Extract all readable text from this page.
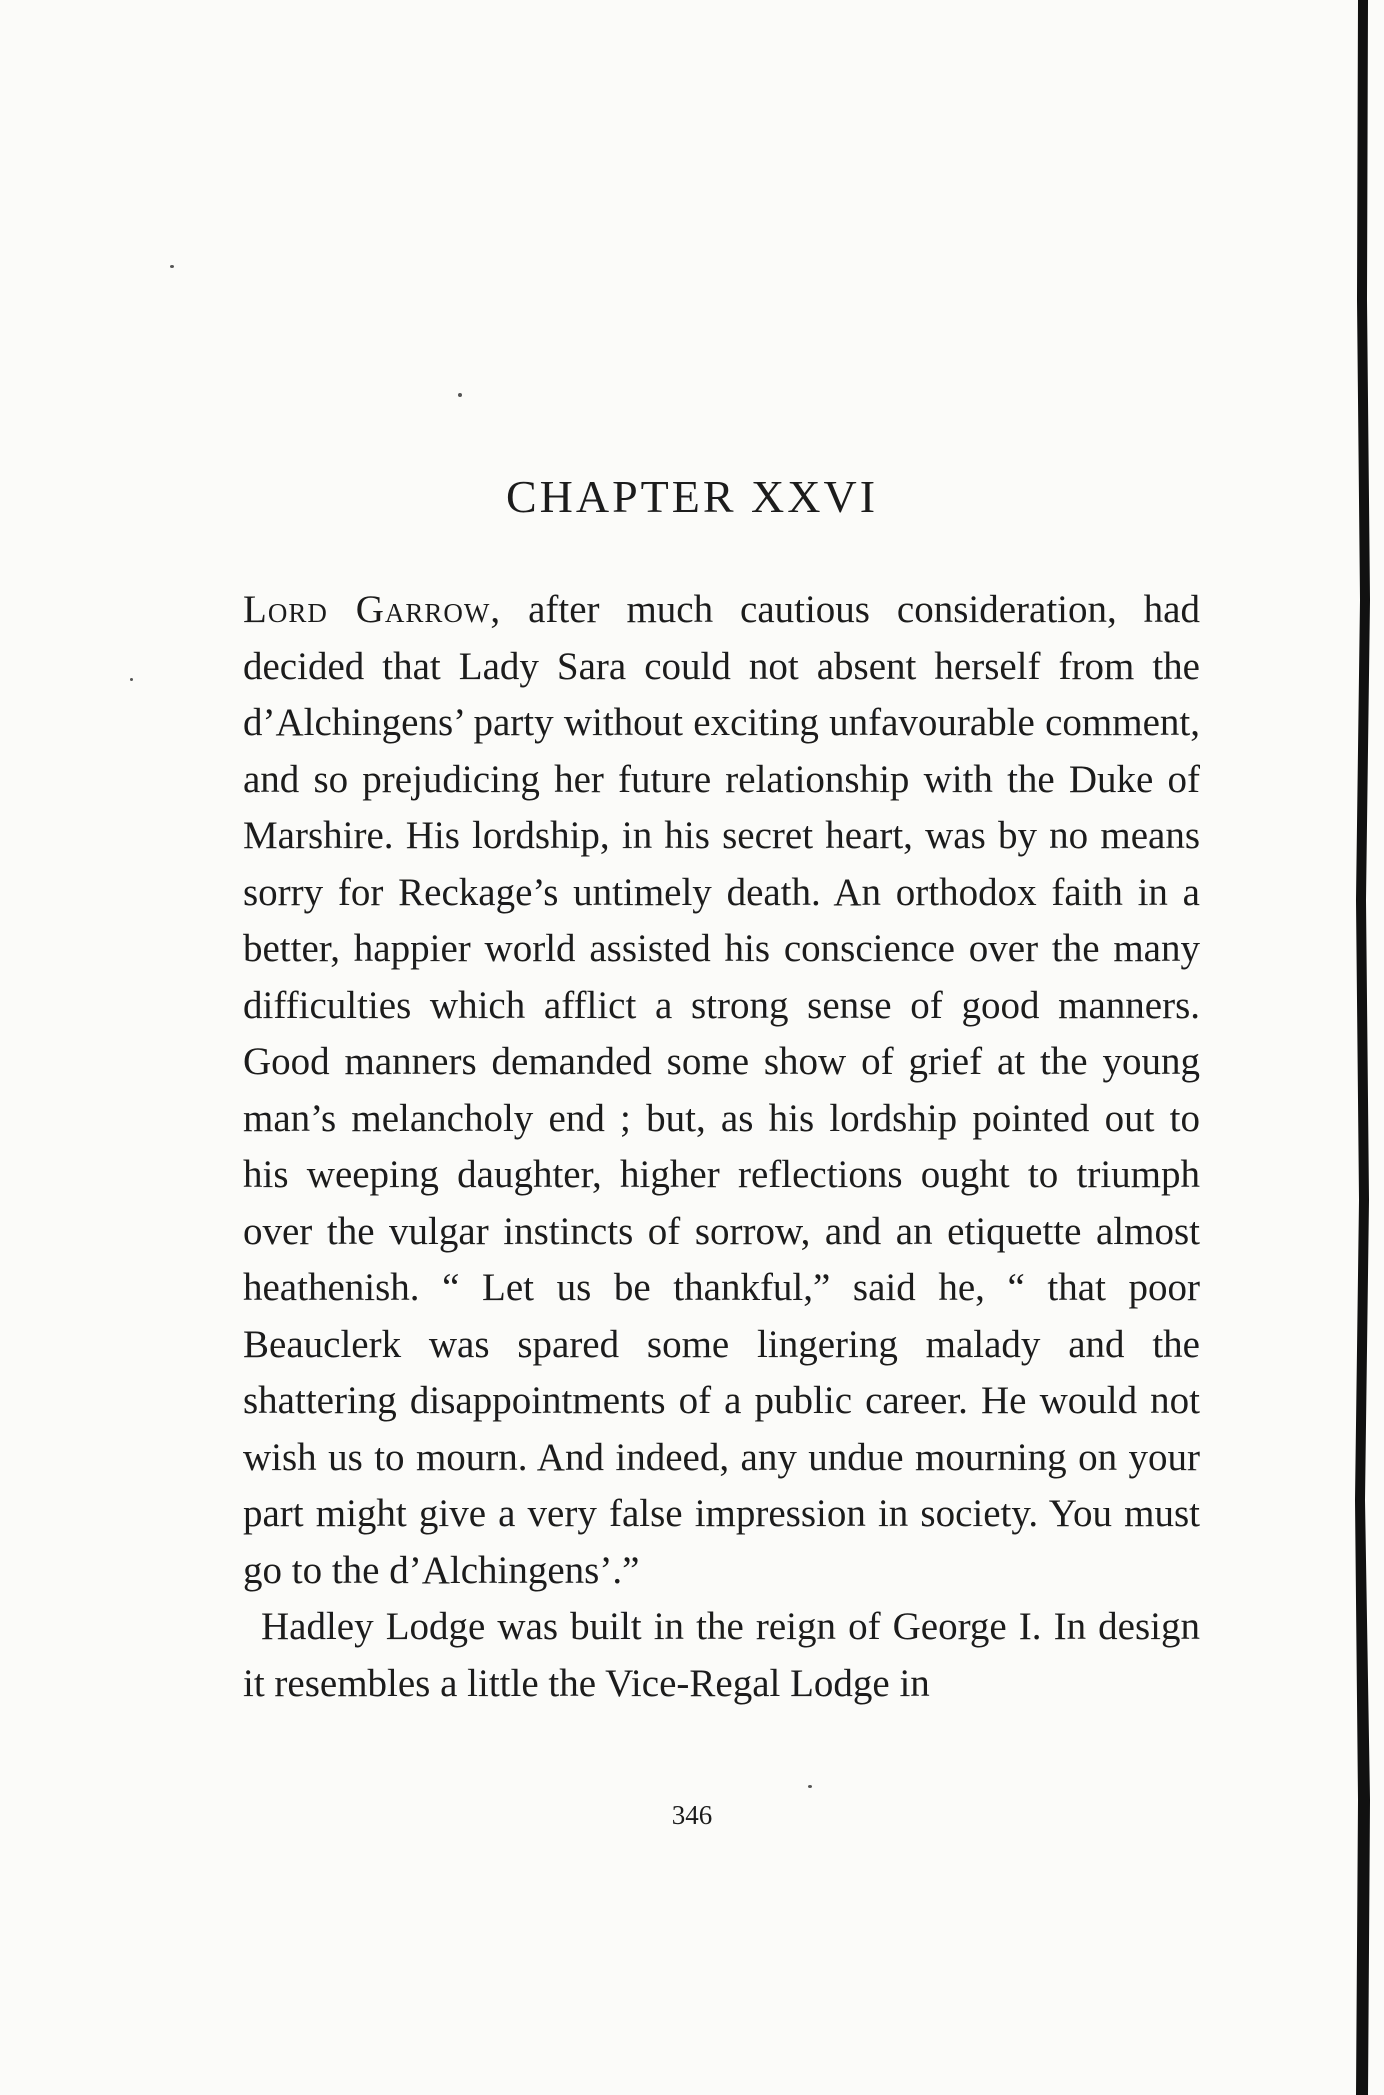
CHAPTER XXVI

Lord Garrow, after much cautious consideration, had decided that Lady Sara could not absent herself from the d’Alchingens’ party without exciting unfavourable comment, and so prejudicing her future relationship with the Duke of Marshire. His lordship, in his secret heart, was by no means sorry for Reckage’s untimely death. An orthodox faith in a better, happier world assisted his conscience over the many difficulties which afflict a strong sense of good manners. Good manners demanded some show of grief at the young man’s melancholy end ; but, as his lordship pointed out to his weeping daughter, higher reflections ought to triumph over the vulgar instincts of sorrow, and an etiquette almost heathenish. “ Let us be thankful,” said he, “ that poor Beauclerk was spared some lingering malady and the shattering disappointments of a public career. He would not wish us to mourn. And indeed, any undue mourning on your part might give a very false impression in society. You must go to the d’Alchingens’.”

Hadley Lodge was built in the reign of George I. In design it resembles a little the Vice-Regal Lodge in

346
